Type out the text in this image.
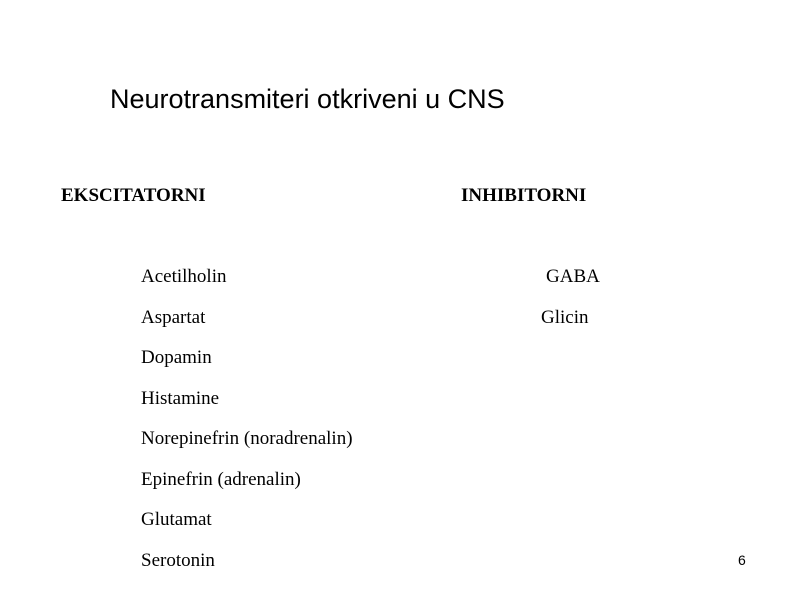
Neurotransmiteri otkriveni u CNS
EKSCITATORNI	INHIBITORNI
Acetilholin
Aspartat
Dopamin
Histamine
Norepinefrin (noradrenalin)
Epinefrin (adrenalin)
Glutamat
Serotonin
GABA
Glicin
6
